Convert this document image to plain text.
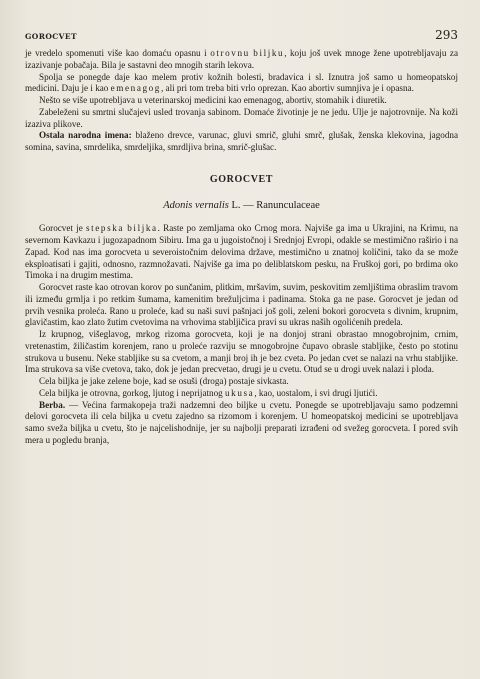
GOROCVET	293

je vredelo spomenuti više kao domaću opasnu i otrovnu biljku, koju još uvek mnoge žene upotrebljavaju za izazivanje pobačaja. Bila je sastavni deo mnogih starih lekova.

Spolja se ponegde daje kao melem protiv kožnih bolesti, bradavica i sl. Iznutra još samo u homeopatskoj medicini. Daju je i kao emenagog, ali pri tom treba biti vrlo oprezan. Kao abortiv sumnjiva je i opasna.

Nešto se više upotrebljava u veterinarskoj medicini kao emenagog, abortiv, stomahik i diuretik.

Zabeleženi su smrtni slučajevi usled trovanja sabinom. Domaće životinje je ne jedu. Ulje je najotrovnije. Na koži izaziva plikove.

Ostala narodna imena: blaženo drevce, varunac, gluvi smrič, gluhi smrč, glušak, ženska klekovina, jagodna somina, savina, smrdelika, smrdeljika, smrdljiva brina, smrič-glušac.

GOROCVET
Adonis vernalis L. — Ranunculaceae

Gorocvet je stepska biljka. Raste po zemljama oko Crnog mora. Najviše ga ima u Ukrajini, na Krimu, na severnom Kavkazu i jugozapadnom Sibiru. Ima ga u jugoistočnoj i Srednjoj Evropi, odakle se mestimično raširio i na Zapad. Kod nas ima gorocveta u severoistočnim delovima države, mestimično u znatnoj količini, tako da se može eksploatisati i gajiti, odnosno, razmnožavati. Najviše ga ima po deliblatskom pesku, na Fruškoj gori, po brdima oko Timoka i na drugim mestima.

Gorocvet raste kao otrovan korov po sunčanim, plitkim, mršavim, suvim, peskovitim zemljištima obraslim travom ili između grmlja i po retkim šumama, kamenitim brežuljcima i padinama. Stoka ga ne pase. Gorocvet je jedan od prvih vesnika proleća. Rano u proleće, kad su naši suvi pašnjaci još goli, zeleni bokori gorocveta s divnim, krupnim, glavičastim, kao zlato žutim cvetovima na vrhovima stabljičica pravi su ukras naših ogolićenih predela.

Iz krupnog, višeglavog, mrkog rizoma gorocveta, koji je na donjoj strani obrastao mnogobrojnim, crnim, vretenastim, žiličastim korenjem, rano u proleće razviju se mnogobrojne čupavo obrasle stabljike, često po stotinu strukova u busenu. Neke stabljike su sa cvetom, a manji broj ih je bez cveta. Po jedan cvet se nalazi na vrhu stabljike. Ima strukova sa više cvetova, tako, dok je jedan precvetao, drugi je u cvetu. Otud se u drogi uvek nalazi i ploda.

Cela biljka je jake zelene boje, kad se osuši (droga) postaje sivkasta.

Cela biljka je otrovna, gorkog, ljutog i neprijatnog ukusa, kao, uostalom, i svi drugi ljutići.

Berba. — Većina farmakopeja traži nadzemni deo biljke u cvetu. Ponegde se upotrebljavaju samo podzemni delovi gorocveta ili cela biljka u cvetu zajedno sa rizomom i korenjem. U homeopatskoj medicini se upotrebljava samo sveža biljka u cvetu, što je najcelishodnije, jer su najbolji preparati izrađeni od svežeg gorocveta. I pored svih mera u pogledu branja,
